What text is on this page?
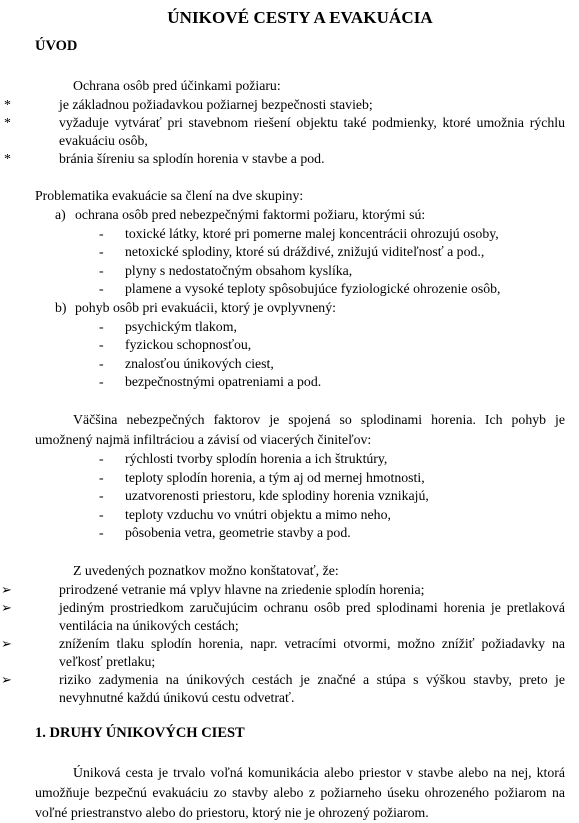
ÚNIKOVÉ CESTY A EVAKUÁCIA
ÚVOD

Ochrana osôb pred účinkami požiaru:

*	je základnou požiadavkou požiarnej bezpečnosti stavieb;
*	vyžaduje vytvárať pri stavebnom riešení objektu také podmienky, ktoré umožnia rýchlu evakuáciu osôb,
*	bránia šíreniu sa splodín horenia v stavbe a pod.

Problematika evakuácie sa člení na dve skupiny:

a) ochrana osôb pred nebezpečnými faktormi požiaru, ktorými sú:
-	toxické látky, ktoré pri pomerne malej koncentrácii ohrozujú osoby,
-	netoxické splodiny, ktoré sú dráždivé, znižujú viditeľnosť a pod.,
-	plyny s nedostatočným obsahom kyslíka,
-	plamene a vysoké teploty spôsobujúce fyziologické ohrozenie osôb,
b) pohyb osôb pri evakuácii, ktorý je ovplyvnený:
-	psychickým tlakom,
-	fyzickou schopnosťou,
-	znalosťou únikových ciest,
-	bezpečnostnými opatreniami a pod.

Väčšina nebezpečných faktorov je spojená so splodinami horenia. Ich pohyb je umožnený najmä infiltráciou a závisí od viacerých činiteľov:

-	rýchlosti tvorby splodín horenia a ich štruktúry,
-	teploty splodín horenia, a tým aj od mernej hmotnosti,
-	uzatvorenosti priestoru, kde splodiny horenia vznikajú,
-	teploty vzduchu vo vnútri objektu a mimo neho,
-	pôsobenia vetra, geometrie stavby a pod.

Z uvedených poznatkov možno konštatovať, že:

➢	prirodzené vetranie má vplyv hlavne na zriedenie splodín horenia;
➢	jediným prostriedkom zaručujúcim ochranu osôb pred splodinami horenia je pretlaková ventilácia na únikových cestách;
➢	znížením tlaku splodín horenia, napr. vetracími otvormi, možno znížiť požiadavky na veľkosť pretlaku;
➢	riziko zadymenia na únikových cestách je značné a stúpa s výškou stavby, preto je nevyhnutné každú únikovú cestu odvetrať.
1. DRUHY ÚNIKOVÝCH CIEST

Úniková cesta je trvalo voľná komunikácia alebo priestor v stavbe alebo na nej, ktorá umožňuje bezpečnú evakuáciu zo stavby alebo z požiarneho úseku ohrozeného požiarom na voľné priestranstvo alebo do priestoru, ktorý nie je ohrozený požiarom.
